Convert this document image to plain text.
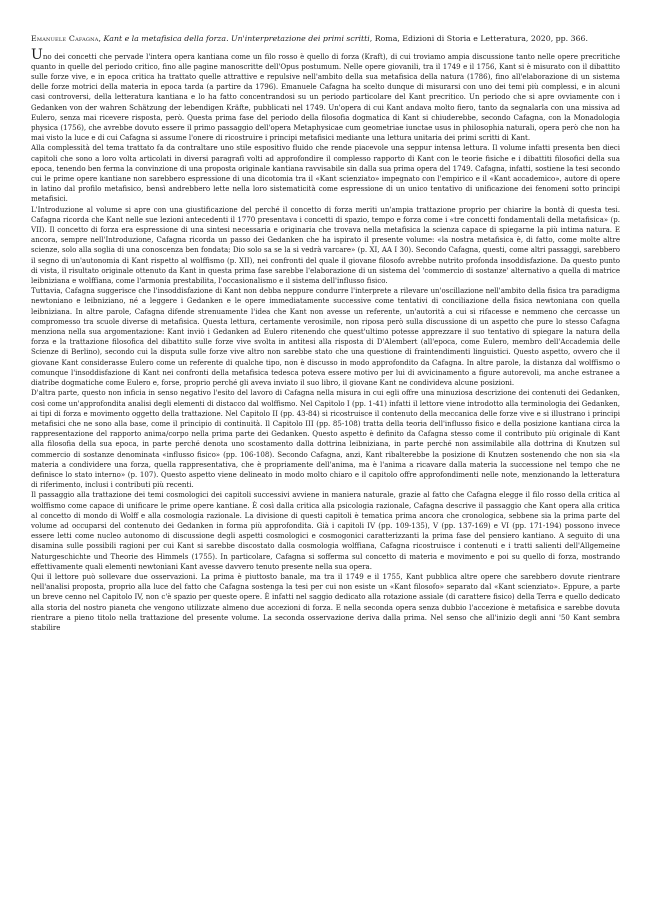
Emanuele Cafagna, Kant e la metafisica della forza. Un'interpretazione dei primi scritti, Roma, Edizioni di Storia e Letteratura, 2020, pp. 366.

Uno dei concetti che pervade l'intera opera kantiana come un filo rosso è quello di forza (Kraft), di cui troviamo ampia discussione tanto nelle opere precritiche quanto in quelle del periodo critico, fino alle pagine manoscritte dell'Opus postumum. Nelle opere giovanili, tra il 1749 e il 1756, Kant si è misurato con il dibattito sulle forze vive, e in epoca critica ha trattato quelle attrattive e repulsive nell'ambito della sua metafisica della natura (1786), fino all'elaborazione di un sistema delle forze motrici della materia in epoca tarda (a partire da 1796). Emanuele Cafagna ha scelto dunque di misurarsi con uno dei temi più complessi, e in alcuni casi controversi, della letteratura kantiana e lo ha fatto concentrandosi su un periodo particolare del Kant precritico. Un periodo che si apre ovviamente con i Gedanken von der wahren Schätzung der lebendigen Kräfte, pubblicati nel 1749. Un'opera di cui Kant andava molto fiero, tanto da segnalarla con una missiva ad Eulero, senza mai ricevere risposta, però. Questa prima fase del periodo della filosofia dogmatica di Kant si chiuderebbe, secondo Cafagna, con la Monadologia physica (1756), che avrebbe dovuto essere il primo passaggio dell'opera Metaphysicae cum geometriae iunctae usus in philosophia naturali, opera però che non ha mai visto la luce e di cui Cafagna si assume l'onere di ricostruire i principi metafisici mediante una lettura unitaria dei primi scritti di Kant.

Alla complessità del tema trattato fa da contraltare uno stile espositivo fluido che rende piacevole una seppur intensa lettura. Il volume infatti presenta ben dieci capitoli che sono a loro volta articolati in diversi paragrafi volti ad approfondire il complesso rapporto di Kant con le teorie fisiche e i dibattiti filosofici della sua epoca, tenendo ben ferma la convinzione di una proposta originale kantiana ravvisabile sin dalla sua prima opera del 1749. Cafagna, infatti, sostiene la tesi secondo cui le prime opere kantiane non sarebbero espressione di una dicotomia tra il «Kant scienziato» impegnato con l'empirico e il «Kant accademico», autore di opere in latino dal profilo metafisico, bensì andrebbero lette nella loro sistematicità come espressione di un unico tentativo di unificazione dei fenomeni sotto principi metafisici.

L'Introduzione al volume si apre con una giustificazione del perché il concetto di forza meriti un'ampia trattazione proprio per chiarire la bontà di questa tesi. Cafagna ricorda che Kant nelle sue lezioni antecedenti il 1770 presentava i concetti di spazio, tempo e forza come i «tre concetti fondamentali della metafisica» (p. VII). Il concetto di forza era espressione di una sintesi necessaria e originaria che trovava nella metafisica la scienza capace di spiegarne la più intima natura. E ancora, sempre nell'Introduzione, Cafagna ricorda un passo dei Gedanken che ha ispirato il presente volume: «la nostra metafisica è, di fatto, come molte altre scienze, solo alla soglia di una conoscenza ben fondata; Dio solo sa se la si vedrà varcare» (p. XI, AA I 30). Secondo Cafagna, questi, come altri passaggi, sarebbero il segno di un'autonomia di Kant rispetto al wolffismo (p. XII), nei confronti del quale il giovane filosofo avrebbe nutrito profonda insoddisfazione. Da questo punto di vista, il risultato originale ottenuto da Kant in questa prima fase sarebbe l'elaborazione di un sistema del 'commercio di sostanze' alternativo a quella di matrice leibniziana e wolffiana, come l'armonia prestabilita, l'occasionalismo e il sistema dell'influsso fisico.

Tuttavia, Cafagna suggerisce che l'insoddisfazione di Kant non debba neppure condurre l'interprete a rilevare un'oscillazione nell'ambito della fisica tra paradigma newtoniano e leibniziano, né a leggere i Gedanken e le opere immediatamente successive come tentativi di conciliazione della fisica newtoniana con quella leibniziana. In altre parole, Cafagna difende strenuamente l'idea che Kant non avesse un referente, un'autorità a cui si rifacesse e nemmeno che cercasse un compromesso tra scuole diverse di metafisica. Questa lettura, certamente verosimile, non riposa però sulla discussione di un aspetto che pure lo stesso Cafagna menziona nella sua argomentazione: Kant inviò i Gedanken ad Eulero ritenendo che quest'ultimo potesse apprezzare il suo tentativo di spiegare la natura della forza e la trattazione filosofica del dibattito sulle forze vive svolta in antitesi alla risposta di D'Alembert (all'epoca, come Eulero, membro dell'Accademia delle Scienze di Berlino), secondo cui la disputa sulle forze vive altro non sarebbe stato che una questione di fraintendimenti linguistici. Questo aspetto, ovvero che il giovane Kant considerasse Eulero come un referente di qualche tipo, non è discusso in modo approfondito da Cafagna. In altre parole, la distanza dal wolffismo o comunque l'insoddisfazione di Kant nei confronti della metafisica tedesca poteva essere motivo per lui di avvicinamento a figure autorevoli, ma anche estranee a diatribe dogmatiche come Eulero e, forse, proprio perché gli aveva inviato il suo libro, il giovane Kant ne condivideva alcune posizioni.

D'altra parte, questo non inficia in senso negativo l'esito del lavoro di Cafagna nella misura in cui egli offre una minuziosa descrizione dei contenuti dei Gedanken, così come un'approfondita analisi degli elementi di distacco dal wolffismo. Nel Capitolo I (pp. 1-41) infatti il lettore viene introdotto alla terminologia dei Gedanken, ai tipi di forza e movimento oggetto della trattazione. Nel Capitolo II (pp. 43-84) si ricostruisce il contenuto della meccanica delle forze vive e si illustrano i principi metafisici che ne sono alla base, come il principio di continuità. Il Capitolo III (pp. 85-108) tratta della teoria dell'influsso fisico e della posizione kantiana circa la rappresentazione del rapporto anima/corpo nella prima parte dei Gedanken. Questo aspetto è definito da Cafagna stesso come il contributo più originale di Kant alla filosofia della sua epoca, in parte perché denota uno scostamento dalla dottrina leibniziana, in parte perché non assimilabile alla dottrina di Knutzen sul commercio di sostanze denominata «influsso fisico» (pp. 106-108). Secondo Cafagna, anzi, Kant ribalterebbe la posizione di Knutzen sostenendo che non sia «la materia a condividere una forza, quella rappresentativa, che è propriamente dell'anima, ma è l'anima a ricavare dalla materia la successione nel tempo che ne definisce lo stato interno» (p. 107). Questo aspetto viene delineato in modo molto chiaro e il capitolo offre approfondimenti nelle note, menzionando la letteratura di riferimento, inclusi i contributi più recenti.

Il passaggio alla trattazione dei temi cosmologici dei capitoli successivi avviene in maniera naturale, grazie al fatto che Cafagna elegge il filo rosso della critica al wolffismo come capace di unificare le prime opere kantiane. È così dalla critica alla psicologia razionale, Cafagna descrive il passaggio che Kant opera alla critica al concetto di mondo di Wolff e alla cosmologia razionale. La divisione di questi capitoli è tematica prima ancora che cronologica, sebbene sia la prima parte del volume ad occuparsi del contenuto dei Gedanken in forma più approfondita. Già i capitoli IV (pp. 109-135), V (pp. 137-169) e VI (pp. 171-194) possono invece essere letti come nucleo autonomo di discussione degli aspetti cosmologici e cosmogonici caratterizzanti la prima fase del pensiero kantiano. A seguito di una disamina sulle possibili ragioni per cui Kant si sarebbe discostato dalla cosmologia wolffiana, Cafagna ricostruisce i contenuti e i tratti salienti dell'Allgemeine Naturgeschichte und Theorie des Himmels (1755). In particolare, Cafagna si sofferma sul concetto di materia e movimento e poi su quello di forza, mostrando effettivamente quali elementi newtoniani Kant avesse davvero tenuto presente nella sua opera.

Qui il lettore può sollevare due osservazioni. La prima è piuttosto banale, ma tra il 1749 e il 1755, Kant pubblica altre opere che sarebbero dovute rientrare nell'analisi proposta, proprio alla luce del fatto che Cafagna sostenga la tesi per cui non esiste un «Kant filosofo» separato dal «Kant scienziato». Eppure, a parte un breve cenno nel Capitolo IV, non c'è spazio per queste opere. È infatti nel saggio dedicato alla rotazione assiale (di carattere fisico) della Terra e quello dedicato alla storia del nostro pianeta che vengono utilizzate almeno due accezioni di forza. E nella seconda opera senza dubbio l'accezione è metafisica e sarebbe dovuta rientrare a pieno titolo nella trattazione del presente volume. La seconda osservazione deriva dalla prima. Nel senso che all'inizio degli anni '50 Kant sembra stabilire
